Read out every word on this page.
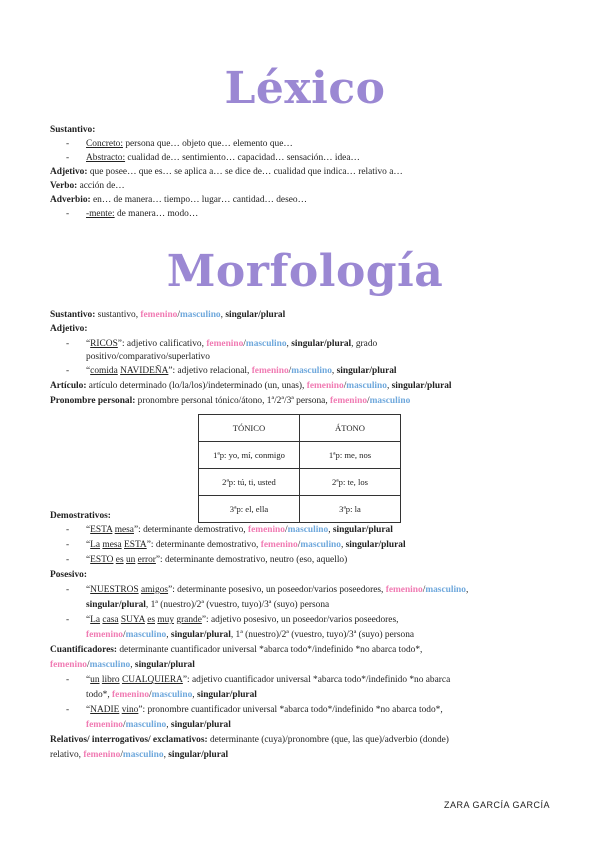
Léxico
Sustantivo:
- Concreto: persona que… objeto que… elemento que…
- Abstracto: cualidad de… sentimiento… capacidad… sensación… idea…
Adjetivo: que posee… que es… se aplica a… se dice de… cualidad que indica… relativo a…
Verbo: acción de…
Adverbio: en… de manera… tiempo… lugar… cantidad… deseo…
- -mente: de manera… modo…
Morfología
Sustantivo: sustantivo, femenino/masculino, singular/plural
Adjetivo:
- “RICOS”: adjetivo calificativo, femenino/masculino, singular/plural, grado
positivo/comparativo/superlativo
- “comida NAVIDEÑA”: adjetivo relacional, femenino/masculino, singular/plural
Artículo: artículo determinado (lo/la/los)/indeterminado (un, unas), femenino/masculino, singular/plural
Pronombre personal: pronombre personal tónico/átono, 1ª/2ª/3ª persona, femenino/masculino
TÓNICO	ÁTONO
1ªp: yo, mí, conmigo	1ªp: me, nos
2ªp: tú, ti, usted	2ªp: te, los
3ªp: el, ella	3ªp: la
Demostrativos:
- “ESTA mesa”: determinante demostrativo, femenino/masculino, singular/plural
- “La mesa ESTA”: determinante demostrativo, femenino/masculino, singular/plural
- “ESTO es un error”: determinante demostrativo, neutro (eso, aquello)
Posesivo:
- “NUESTROS amigos”: determinante posesivo, un poseedor/varios poseedores, femenino/masculino,
singular/plural, 1ª (nuestro)/2ª (vuestro, tuyo)/3ª (suyo) persona
- “La casa SUYA es muy grande”: adjetivo posesivo, un poseedor/varios poseedores,
femenino/masculino, singular/plural, 1ª (nuestro)/2ª (vuestro, tuyo)/3ª (suyo) persona
Cuantificadores: determinante cuantificador universal *abarca todo*/indefinido *no abarca todo*,
femenino/masculino, singular/plural
- “un libro CUALQUIERA”: adjetivo cuantificador universal *abarca todo*/indefinido *no abarca
todo*, femenino/masculino, singular/plural
- “NADIE vino”: pronombre cuantificador universal *abarca todo*/indefinido *no abarca todo*,
femenino/masculino, singular/plural
Relativos/ interrogativos/ exclamativos: determinante (cuya)/pronombre (que, las que)/adverbio (donde)
relativo, femenino/masculino, singular/plural
ZARA GARCÍA GARCÍA
